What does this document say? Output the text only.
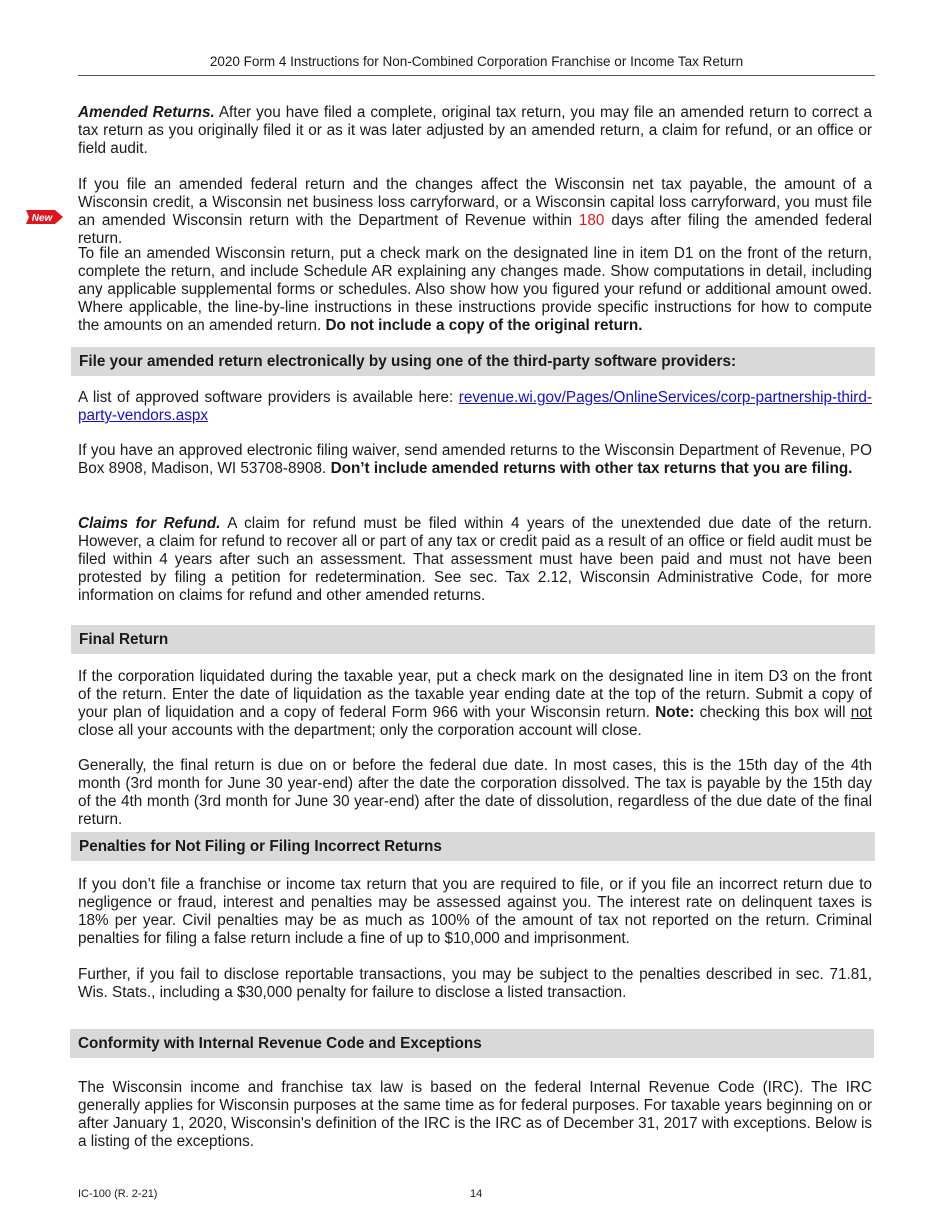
2020 Form 4 Instructions for Non-Combined Corporation Franchise or Income Tax Return

Amended Returns. After you have filed a complete, original tax return, you may file an amended return to correct a tax return as you originally filed it or as it was later adjusted by an amended return, a claim for refund, or an office or field audit.

New

If you file an amended federal return and the changes affect the Wisconsin net tax payable, the amount of a Wisconsin credit, a Wisconsin net business loss carryforward, or a Wisconsin capital loss carryforward, you must file an amended Wisconsin return with the Department of Revenue within 180 days after filing the amended federal return.

To file an amended Wisconsin return, put a check mark on the designated line in item D1 on the front of the return, complete the return, and include Schedule AR explaining any changes made. Show computations in detail, including any applicable supplemental forms or schedules. Also show how you figured your refund or additional amount owed. Where applicable, the line-by-line instructions in these instructions provide specific instructions for how to compute the amounts on an amended return. Do not include a copy of the original return.

File your amended return electronically by using one of the third-party software providers:

A list of approved software providers is available here: revenue.wi.gov/Pages/OnlineServices/corp-partnership-third-party-vendors.aspx

If you have an approved electronic filing waiver, send amended returns to the Wisconsin Department of Revenue, PO Box 8908, Madison, WI 53708-8908. Don’t include amended returns with other tax returns that you are filing.

Claims for Refund. A claim for refund must be filed within 4 years of the unextended due date of the return. However, a claim for refund to recover all or part of any tax or credit paid as a result of an office or field audit must be filed within 4 years after such an assessment. That assessment must have been paid and must not have been protested by filing a petition for redetermination. See sec. Tax 2.12, Wisconsin Administrative Code, for more information on claims for refund and other amended returns.

Final Return

If the corporation liquidated during the taxable year, put a check mark on the designated line in item D3 on the front of the return. Enter the date of liquidation as the taxable year ending date at the top of the return. Submit a copy of your plan of liquidation and a copy of federal Form 966 with your Wisconsin return. Note: checking this box will not close all your accounts with the department; only the corporation account will close.

Generally, the final return is due on or before the federal due date. In most cases, this is the 15th day of the 4th month (3rd month for June 30 year-end) after the date the corporation dissolved. The tax is payable by the 15th day of the 4th month (3rd month for June 30 year-end) after the date of dissolution, regardless of the due date of the final return.

Penalties for Not Filing or Filing Incorrect Returns

If you don’t file a franchise or income tax return that you are required to file, or if you file an incorrect return due to negligence or fraud, interest and penalties may be assessed against you. The interest rate on delinquent taxes is 18% per year. Civil penalties may be as much as 100% of the amount of tax not reported on the return. Criminal penalties for filing a false return include a fine of up to $10,000 and imprisonment.

Further, if you fail to disclose reportable transactions, you may be subject to the penalties described in sec. 71.81, Wis. Stats., including a $30,000 penalty for failure to disclose a listed transaction.

Conformity with Internal Revenue Code and Exceptions

The Wisconsin income and franchise tax law is based on the federal Internal Revenue Code (IRC). The IRC generally applies for Wisconsin purposes at the same time as for federal purposes. For taxable years beginning on or after January 1, 2020, Wisconsin's definition of the IRC is the IRC as of December 31, 2017 with exceptions. Below is a listing of the exceptions.

IC-100 (R. 2-21)	14
